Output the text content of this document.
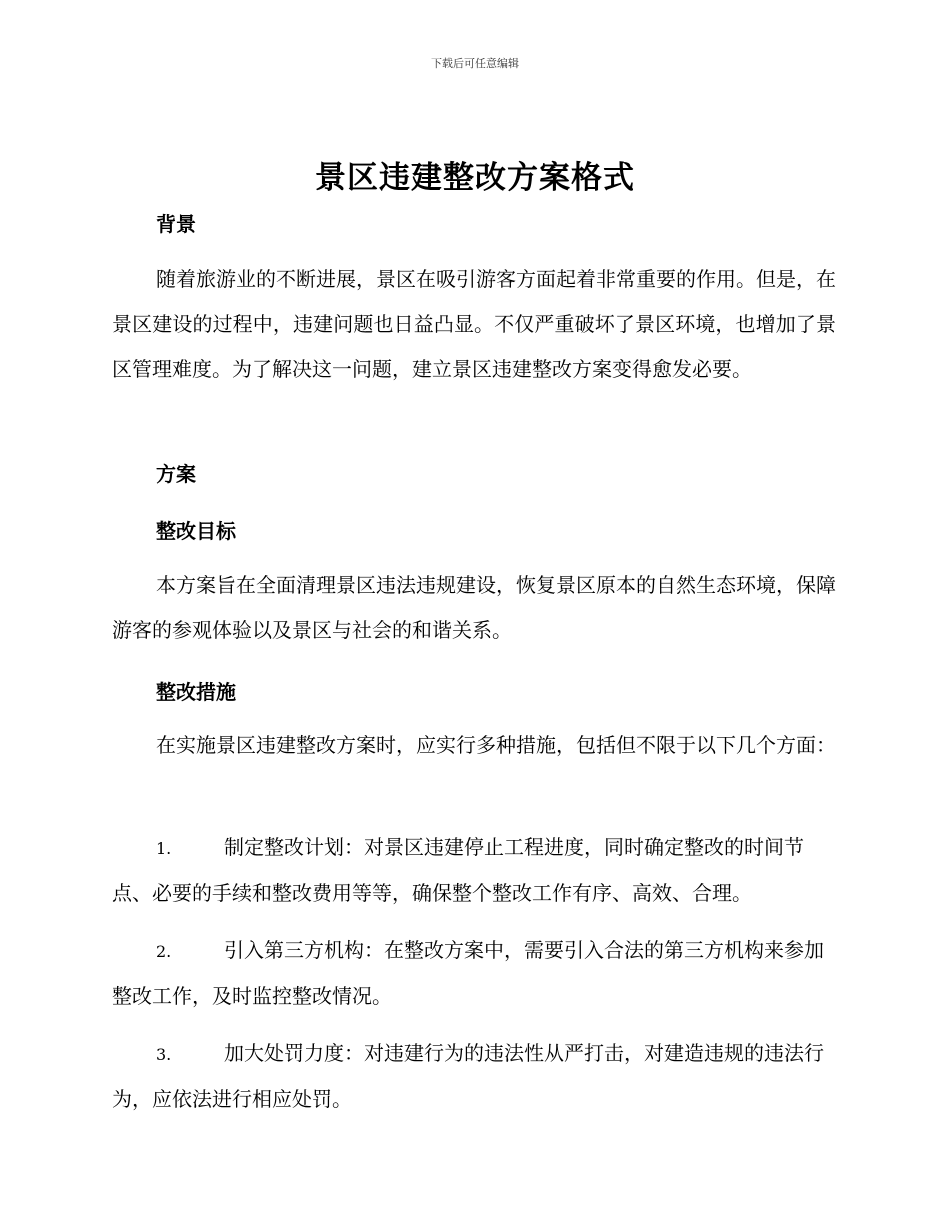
下载后可任意编辑
景区违建整改方案格式
背景
随着旅游业的不断进展，景区在吸引游客方面起着非常重要的作用。但是，在景区建设的过程中，违建问题也日益凸显。不仅严重破坏了景区环境，也增加了景区管理难度。为了解决这一问题，建立景区违建整改方案变得愈发必要。
方案
整改目标
本方案旨在全面清理景区违法违规建设，恢复景区原本的自然生态环境，保障游客的参观体验以及景区与社会的和谐关系。
整改措施
在实施景区违建整改方案时，应实行多种措施，包括但不限于以下几个方面：
1.	制定整改计划：对景区违建停止工程进度，同时确定整改的时间节点、必要的手续和整改费用等等，确保整个整改工作有序、高效、合理。
2.	引入第三方机构：在整改方案中，需要引入合法的第三方机构来参加整改工作，及时监控整改情况。
3.	加大处罚力度：对违建行为的违法性从严打击，对建造违规的违法行为，应依法进行相应处罚。
